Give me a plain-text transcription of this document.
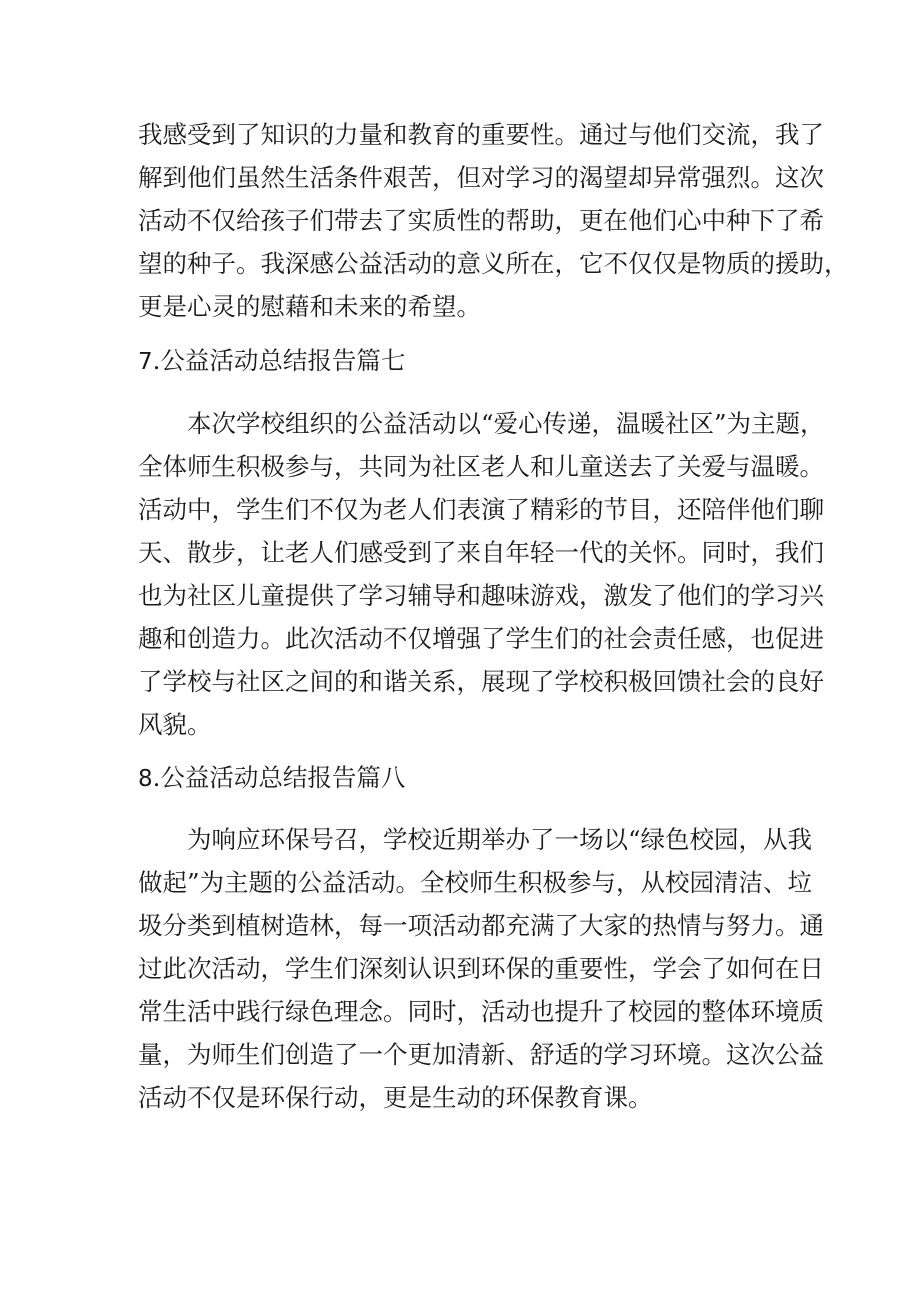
我感受到了知识的力量和教育的重要性。通过与他们交流，我了
解到他们虽然生活条件艰苦，但对学习的渴望却异常强烈。这次
活动不仅给孩子们带去了实质性的帮助，更在他们心中种下了希
望的种子。我深感公益活动的意义所在，它不仅仅是物质的援助，
更是心灵的慰藉和未来的希望。
7.公益活动总结报告篇七
本次学校组织的公益活动以“爱心传递，温暖社区”为主题，
全体师生积极参与，共同为社区老人和儿童送去了关爱与温暖。
活动中，学生们不仅为老人们表演了精彩的节目，还陪伴他们聊
天、散步，让老人们感受到了来自年轻一代的关怀。同时，我们
也为社区儿童提供了学习辅导和趣味游戏，激发了他们的学习兴
趣和创造力。此次活动不仅增强了学生们的社会责任感，也促进
了学校与社区之间的和谐关系，展现了学校积极回馈社会的良好
风貌。
8.公益活动总结报告篇八
为响应环保号召，学校近期举办了一场以“绿色校园，从我
做起”为主题的公益活动。全校师生积极参与，从校园清洁、垃
圾分类到植树造林，每一项活动都充满了大家的热情与努力。通
过此次活动，学生们深刻认识到环保的重要性，学会了如何在日
常生活中践行绿色理念。同时，活动也提升了校园的整体环境质
量，为师生们创造了一个更加清新、舒适的学习环境。这次公益
活动不仅是环保行动，更是生动的环保教育课。
